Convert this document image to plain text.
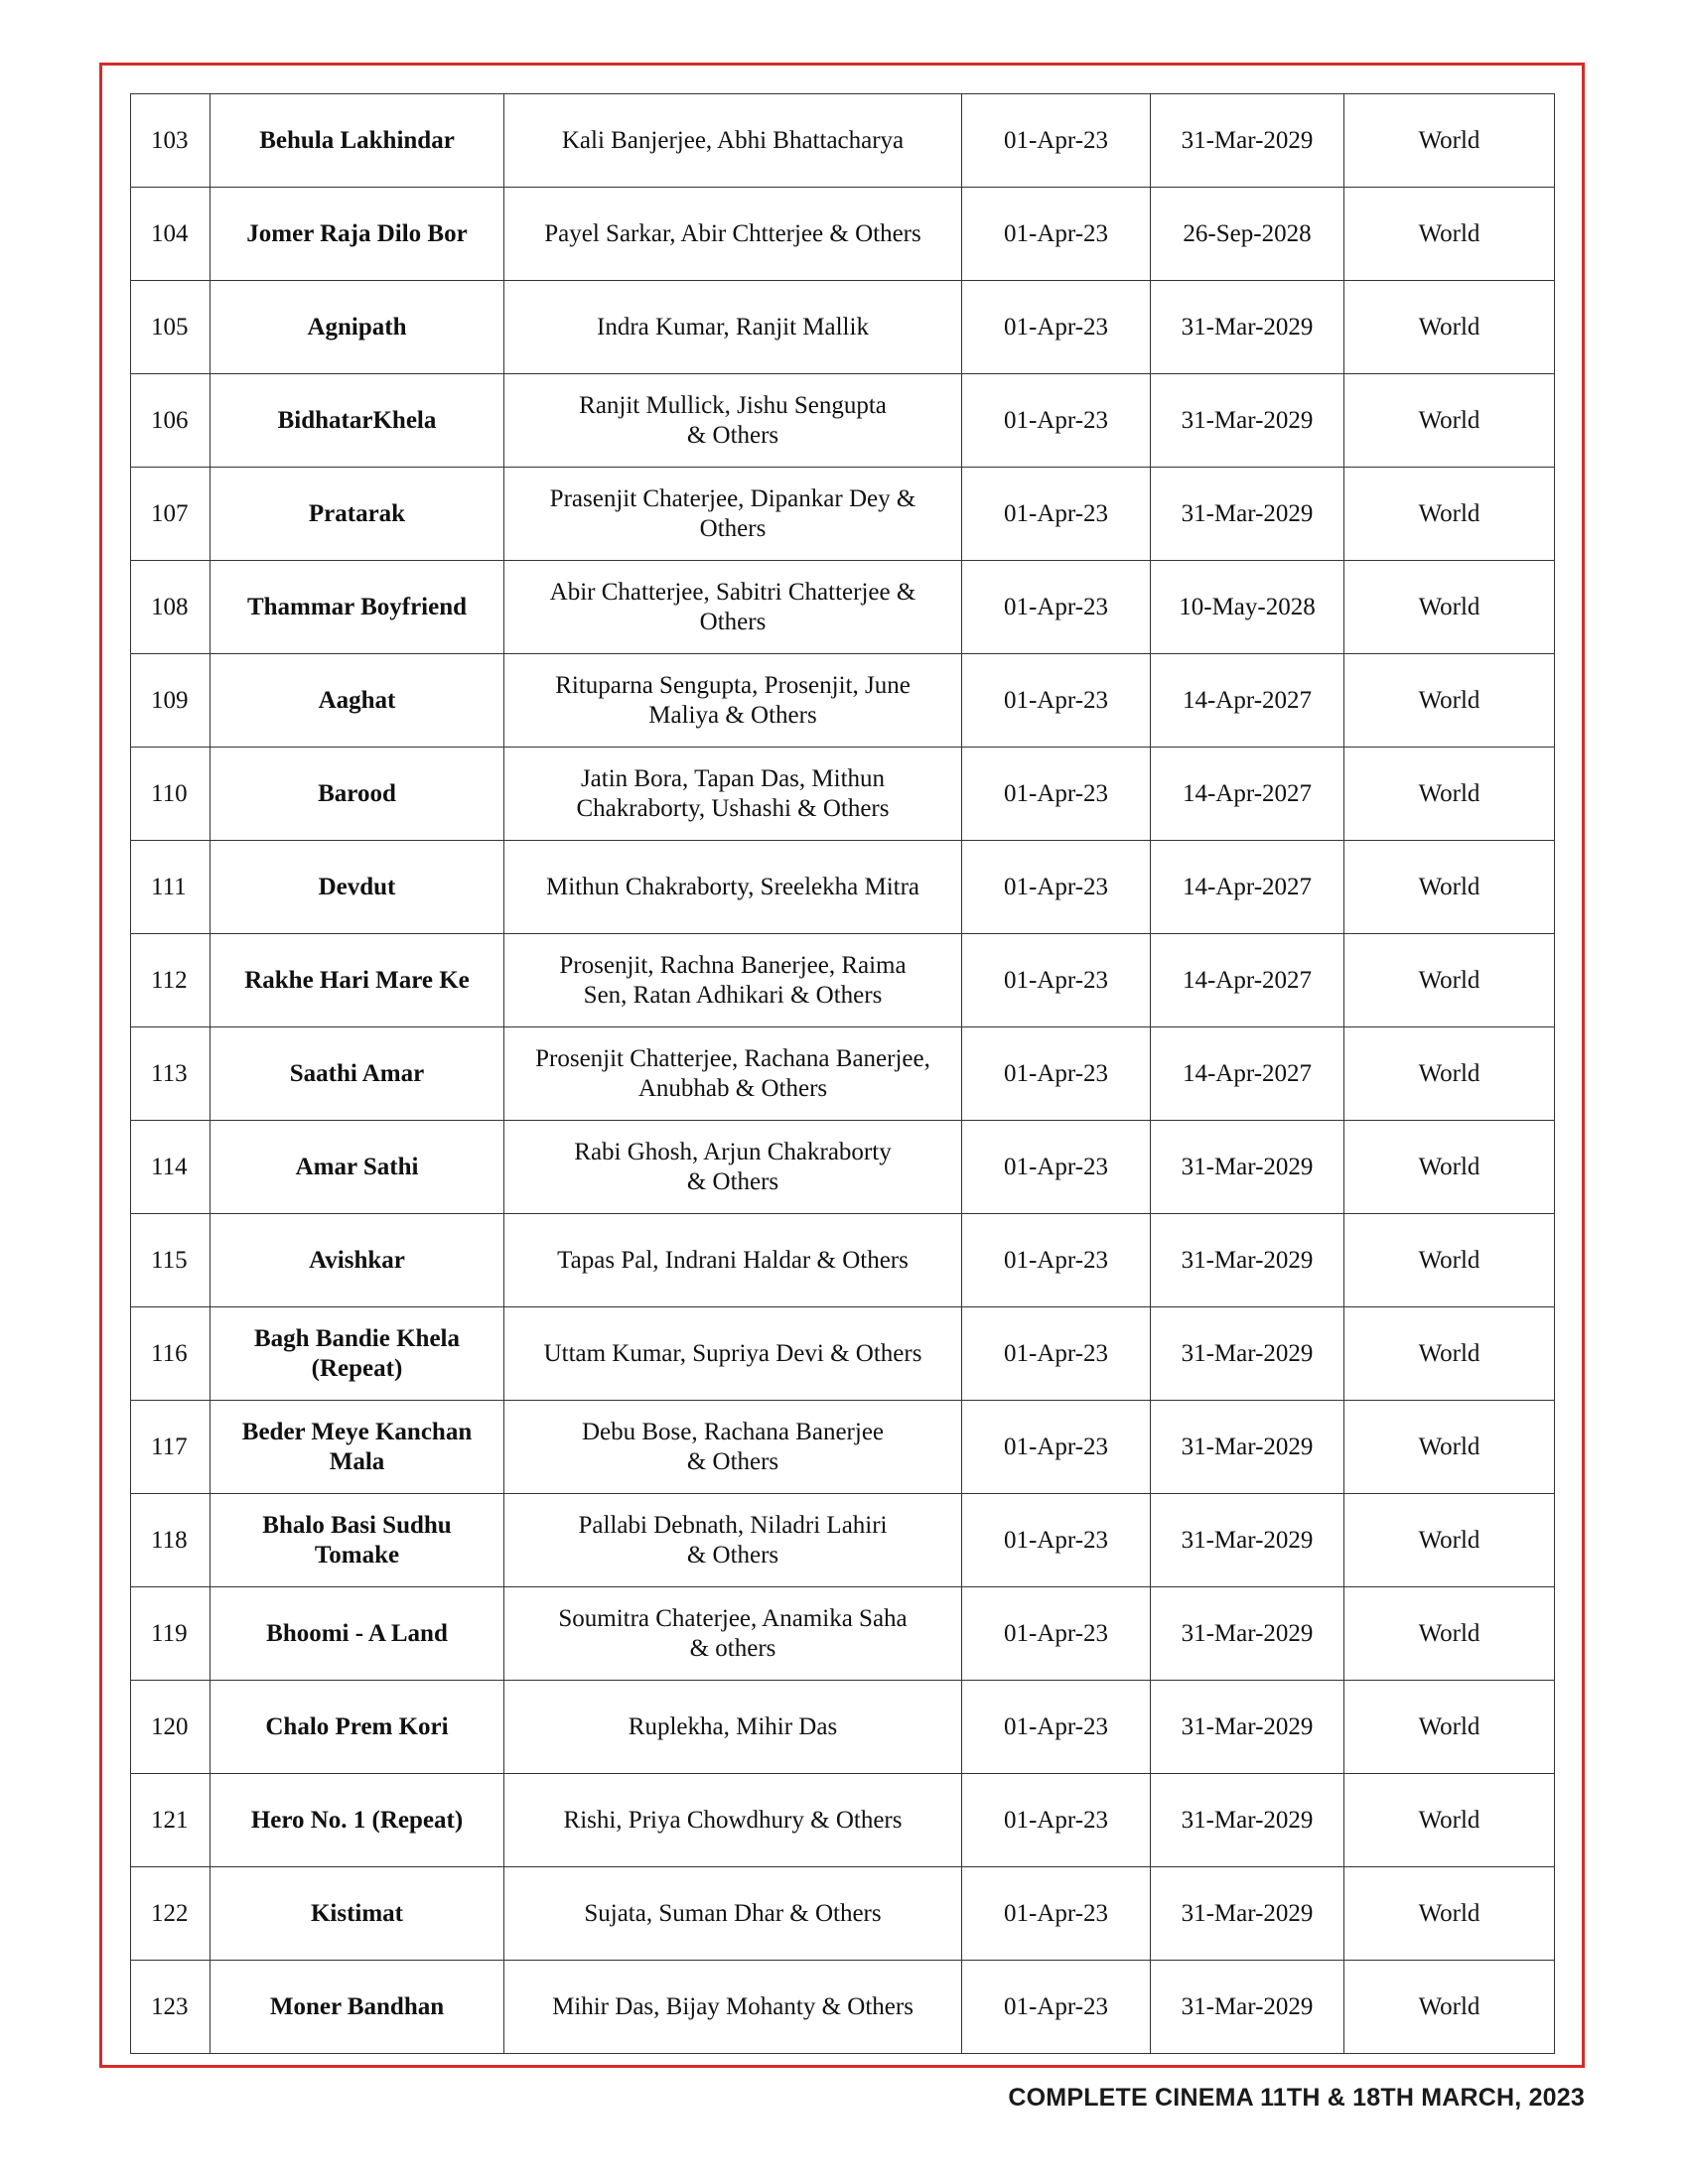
103	Behula Lakhindar	Kali Banjerjee, Abhi Bhattacharya	01-Apr-23	31-Mar-2029	World
104	Jomer Raja Dilo Bor	Payel Sarkar, Abir Chtterjee & Others	01-Apr-23	26-Sep-2028	World
105	Agnipath	Indra Kumar, Ranjit Mallik	01-Apr-23	31-Mar-2029	World
106	BidhatarKhela	Ranjit Mullick, Jishu Sengupta
& Others	01-Apr-23	31-Mar-2029	World
107	Pratarak	Prasenjit Chaterjee, Dipankar Dey &
Others	01-Apr-23	31-Mar-2029	World
108	Thammar Boyfriend	Abir Chatterjee, Sabitri Chatterjee &
Others	01-Apr-23	10-May-2028	World
109	Aaghat	Rituparna Sengupta, Prosenjit, June
Maliya & Others	01-Apr-23	14-Apr-2027	World
110	Barood	Jatin Bora, Tapan Das, Mithun
Chakraborty, Ushashi & Others	01-Apr-23	14-Apr-2027	World
111	Devdut	Mithun Chakraborty, Sreelekha Mitra	01-Apr-23	14-Apr-2027	World
112	Rakhe Hari Mare Ke	Prosenjit, Rachna Banerjee, Raima
Sen, Ratan Adhikari & Others	01-Apr-23	14-Apr-2027	World
113	Saathi Amar	Prosenjit Chatterjee, Rachana Banerjee,
Anubhab & Others	01-Apr-23	14-Apr-2027	World
114	Amar Sathi	Rabi Ghosh, Arjun Chakraborty
& Others	01-Apr-23	31-Mar-2029	World
115	Avishkar	Tapas Pal, Indrani Haldar & Others	01-Apr-23	31-Mar-2029	World
116	Bagh Bandie Khela
(Repeat)	Uttam Kumar, Supriya Devi & Others	01-Apr-23	31-Mar-2029	World
117	Beder Meye Kanchan
Mala	Debu Bose, Rachana Banerjee
& Others	01-Apr-23	31-Mar-2029	World
118	Bhalo Basi Sudhu
Tomake	Pallabi Debnath, Niladri Lahiri
& Others	01-Apr-23	31-Mar-2029	World
119	Bhoomi - A Land	Soumitra Chaterjee, Anamika Saha
& others	01-Apr-23	31-Mar-2029	World
120	Chalo Prem Kori	Ruplekha, Mihir Das	01-Apr-23	31-Mar-2029	World
121	Hero No. 1 (Repeat)	Rishi, Priya Chowdhury & Others	01-Apr-23	31-Mar-2029	World
122	Kistimat	Sujata, Suman Dhar & Others	01-Apr-23	31-Mar-2029	World
123	Moner Bandhan	Mihir Das, Bijay Mohanty & Others	01-Apr-23	31-Mar-2029	World
COMPLETE CINEMA 11TH & 18TH MARCH, 2023
